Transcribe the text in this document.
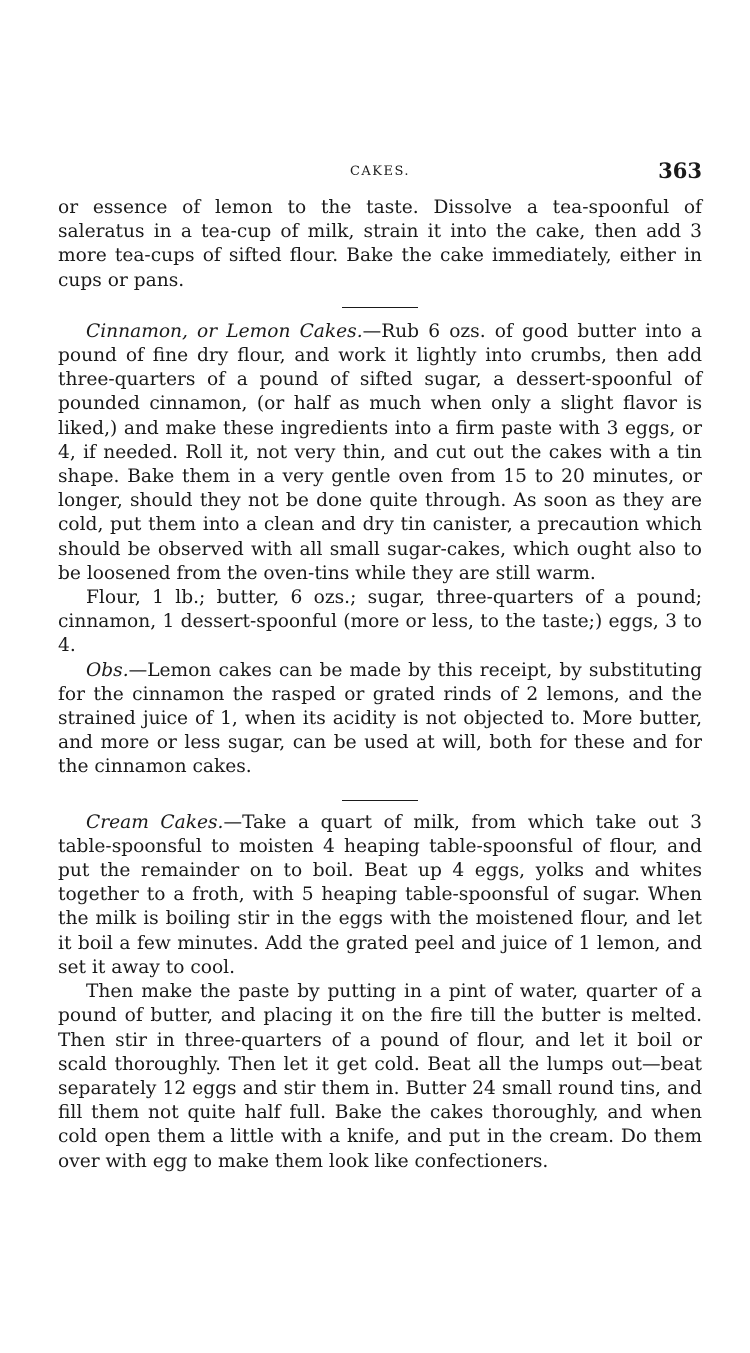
CAKES.	363

or essence of lemon to the taste. Dissolve a tea-spoonful of saleratus in a tea-cup of milk, strain it into the cake, then add 3 more tea-cups of sifted flour. Bake the cake immediately, either in cups or pans.

Cinnamon, or Lemon Cakes.—Rub 6 ozs. of good butter into a pound of fine dry flour, and work it lightly into crumbs, then add three-quarters of a pound of sifted sugar, a dessert-spoonful of pounded cinnamon, (or half as much when only a slight flavor is liked,) and make these ingredients into a firm paste with 3 eggs, or 4, if needed. Roll it, not very thin, and cut out the cakes with a tin shape. Bake them in a very gentle oven from 15 to 20 minutes, or longer, should they not be done quite through. As soon as they are cold, put them into a clean and dry tin canister, a precaution which should be observed with all small sugar-cakes, which ought also to be loosened from the oven-tins while they are still warm.

Flour, 1 lb.; butter, 6 ozs.; sugar, three-quarters of a pound; cinnamon, 1 dessert-spoonful (more or less, to the taste;) eggs, 3 to 4.

Obs.—Lemon cakes can be made by this receipt, by substituting for the cinnamon the rasped or grated rinds of 2 lemons, and the strained juice of 1, when its acidity is not objected to. More butter, and more or less sugar, can be used at will, both for these and for the cinnamon cakes.

Cream Cakes.—Take a quart of milk, from which take out 3 table-spoonsful to moisten 4 heaping table-spoonsful of flour, and put the remainder on to boil. Beat up 4 eggs, yolks and whites together to a froth, with 5 heaping table-spoonsful of sugar. When the milk is boiling stir in the eggs with the moistened flour, and let it boil a few minutes. Add the grated peel and juice of 1 lemon, and set it away to cool.

Then make the paste by putting in a pint of water, quarter of a pound of butter, and placing it on the fire till the butter is melted. Then stir in three-quarters of a pound of flour, and let it boil or scald thoroughly. Then let it get cold. Beat all the lumps out—beat separately 12 eggs and stir them in. Butter 24 small round tins, and fill them not quite half full. Bake the cakes thoroughly, and when cold open them a little with a knife, and put in the cream. Do them over with egg to make them look like confectioners.
